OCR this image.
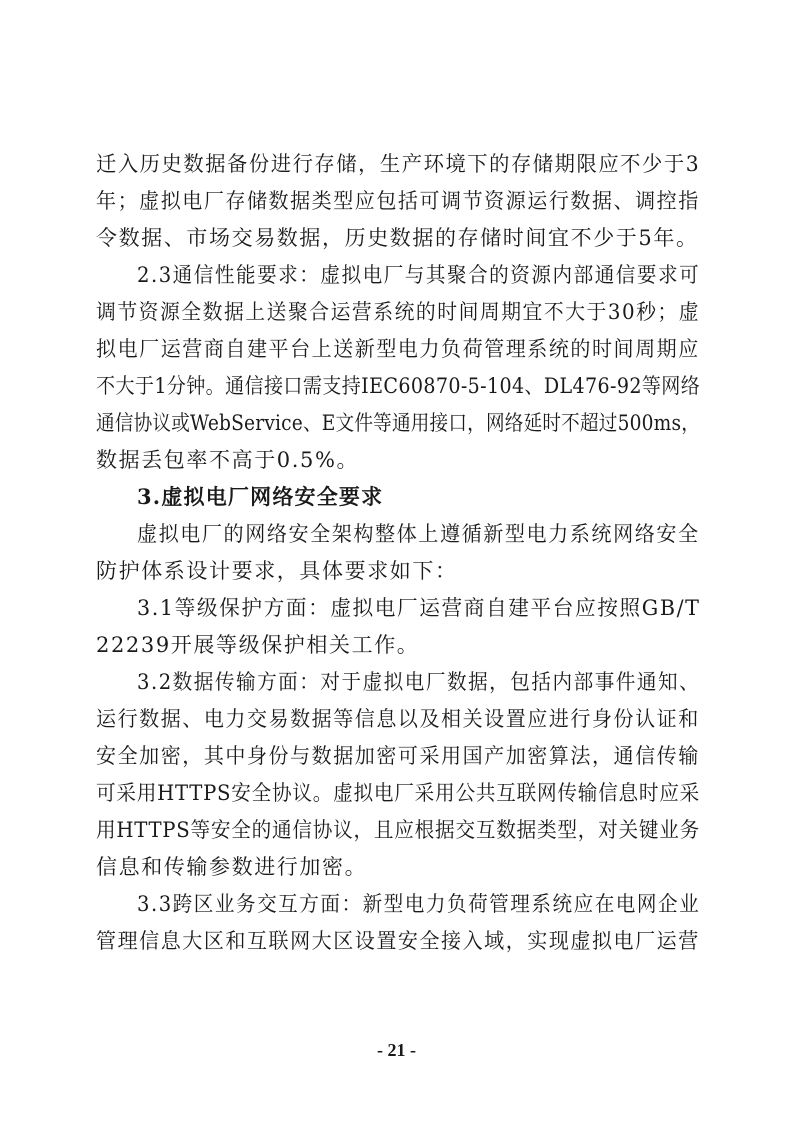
迁入历史数据备份进行存储，生产环境下的存储期限应不少于3
年；虚拟电厂存储数据类型应包括可调节资源运行数据、调控指
令数据、市场交易数据，历史数据的存储时间宜不少于5年。
2.3通信性能要求：虚拟电厂与其聚合的资源内部通信要求可
调节资源全数据上送聚合运营系统的时间周期宜不大于30秒；虚
拟电厂运营商自建平台上送新型电力负荷管理系统的时间周期应
不大于1分钟。通信接口需支持IEC60870-5-104、DL476-92等网络
通信协议或WebService、E文件等通用接口，网络延时不超过500ms，
数据丢包率不高于0.5%。
3.虚拟电厂网络安全要求
虚拟电厂的网络安全架构整体上遵循新型电力系统网络安全
防护体系设计要求，具体要求如下：
3.1等级保护方面：虚拟电厂运营商自建平台应按照GB/T
22239开展等级保护相关工作。
3.2数据传输方面：对于虚拟电厂数据，包括内部事件通知、
运行数据、电力交易数据等信息以及相关设置应进行身份认证和
安全加密，其中身份与数据加密可采用国产加密算法，通信传输
可采用HTTPS安全协议。虚拟电厂采用公共互联网传输信息时应采
用HTTPS等安全的通信协议，且应根据交互数据类型，对关键业务
信息和传输参数进行加密。
3.3跨区业务交互方面：新型电力负荷管理系统应在电网企业
管理信息大区和互联网大区设置安全接入域，实现虚拟电厂运营
- 21 -
